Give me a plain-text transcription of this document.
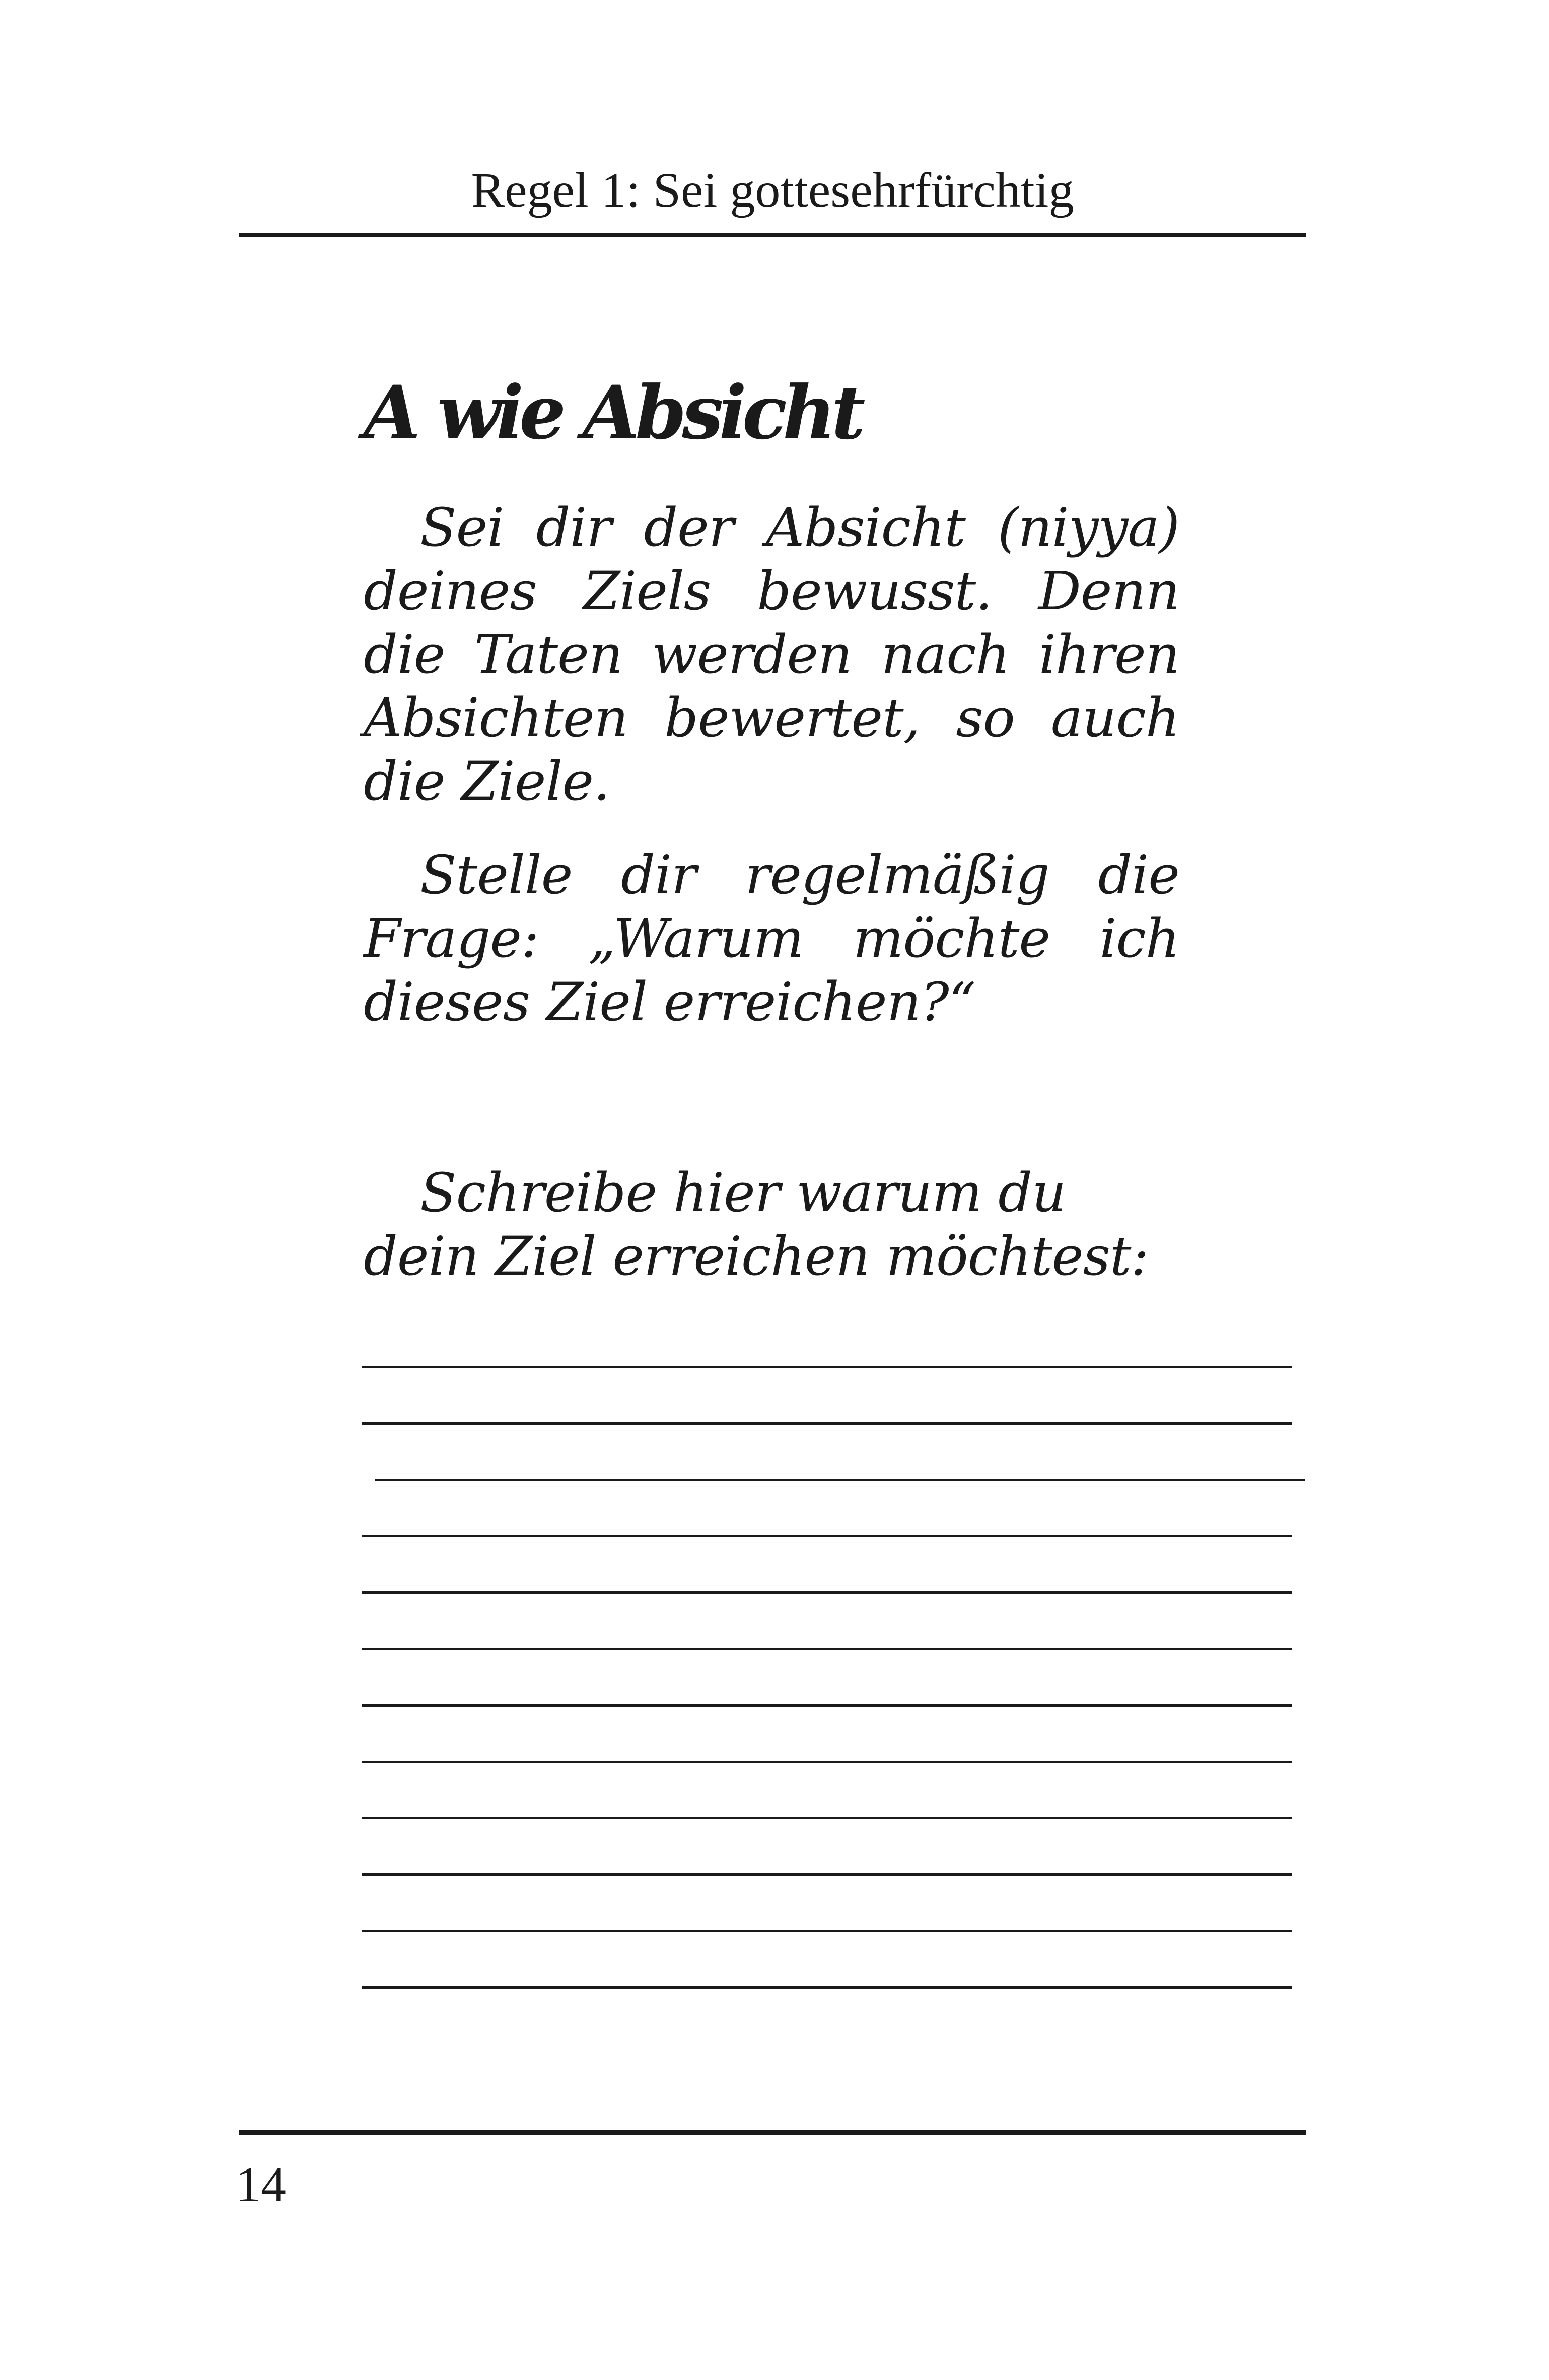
Regel 1: Sei gottesehrfürchtig
A wie Absicht

Sei dir der Absicht (niyya) deines Ziels bewusst. Denn die Taten werden nach ihren Absichten bewertet, so auch die Ziele.

Stelle dir regelmäßig die Frage: „Warum möchte ich dieses Ziel erreichen?“

Schreibe hier warum du dein Ziel erreichen möchtest:

14
